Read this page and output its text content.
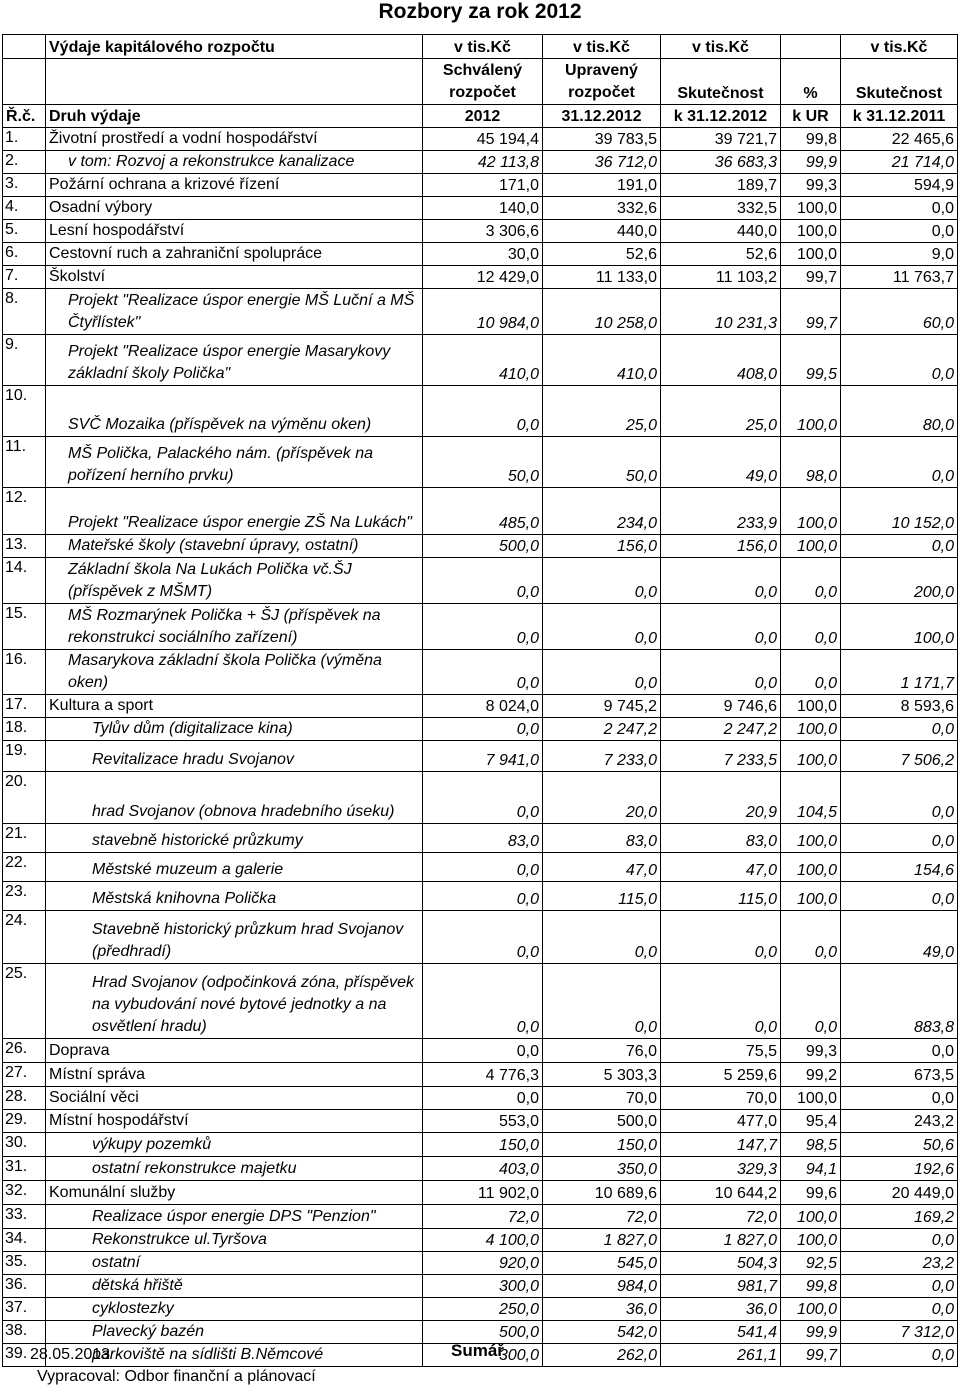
Rozbory za rok 2012
	Výdaje kapitálového rozpočtu	v tis.Kč	v tis.Kč	v tis.Kč		v tis.Kč
		Schválený rozpočet	Upravený rozpočet	Skutečnost	%	Skutečnost
Ř.č.	Druh výdaje	2012	31.12.2012	k 31.12.2012	k UR	k 31.12.2011
1.	Životní prostředí a vodní hospodářství	45 194,4	39 783,5	39 721,7	99,8	22 465,6
2.	v tom: Rozvoj a rekonstrukce kanalizace	42 113,8	36 712,0	36 683,3	99,9	21 714,0
3.	Požární ochrana a krizové řízení	171,0	191,0	189,7	99,3	594,9
4.	Osadní výbory	140,0	332,6	332,5	100,0	0,0
5.	Lesní hospodářství	3 306,6	440,0	440,0	100,0	0,0
6.	Cestovní ruch a zahraniční spolupráce	30,0	52,6	52,6	100,0	9,0
7.	Školství	12 429,0	11 133,0	11 103,2	99,7	11 763,7
8.	Projekt "Realizace úspor energie MŠ Luční a MŠ Čtyřlístek"	10 984,0	10 258,0	10 231,3	99,7	60,0
9.	Projekt "Realizace úspor energie Masarykovy základní školy Polička"	410,0	410,0	408,0	99,5	0,0
10.	SVČ Mozaika (příspěvek na výměnu oken)	0,0	25,0	25,0	100,0	80,0
11.	MŠ Polička, Palackého nám. (příspěvek na pořízení herního prvku)	50,0	50,0	49,0	98,0	0,0
12.	Projekt "Realizace úspor energie ZŠ Na Lukách"	485,0	234,0	233,9	100,0	10 152,0
13.	Mateřské školy (stavební úpravy, ostatní)	500,0	156,0	156,0	100,0	0,0
14.	Základní škola Na Lukách Polička vč.ŠJ (příspěvek z MŠMT)	0,0	0,0	0,0	0,0	200,0
15.	MŠ Rozmarýnek Polička + ŠJ (příspěvek na rekonstrukci sociálního zařízení)	0,0	0,0	0,0	0,0	100,0
16.	Masarykova základní škola Polička (výměna oken)	0,0	0,0	0,0	0,0	1 171,7
17.	Kultura a sport	8 024,0	9 745,2	9 746,6	100,0	8 593,6
18.	Tylův dům (digitalizace kina)	0,0	2 247,2	2 247,2	100,0	0,0
19.	Revitalizace hradu Svojanov	7 941,0	7 233,0	7 233,5	100,0	7 506,2
20.	hrad Svojanov (obnova hradebního úseku)	0,0	20,0	20,9	104,5	0,0
21.	stavebně historické průzkumy	83,0	83,0	83,0	100,0	0,0
22.	Městské muzeum a galerie	0,0	47,0	47,0	100,0	154,6
23.	Městská knihovna Polička	0,0	115,0	115,0	100,0	0,0
24.	Stavebně historický průzkum hrad Svojanov (předhradí)	0,0	0,0	0,0	0,0	49,0
25.	Hrad Svojanov (odpočinková zóna, příspěvek na vybudování nové bytové jednotky a na osvětlení hradu)	0,0	0,0	0,0	0,0	883,8
26.	Doprava	0,0	76,0	75,5	99,3	0,0
27.	Místní správa	4 776,3	5 303,3	5 259,6	99,2	673,5
28.	Sociální věci	0,0	70,0	70,0	100,0	0,0
29.	Místní hospodářství	553,0	500,0	477,0	95,4	243,2
30.	výkupy pozemků	150,0	150,0	147,7	98,5	50,6
31.	ostatní rekonstrukce majetku	403,0	350,0	329,3	94,1	192,6
32.	Komunální služby	11 902,0	10 689,6	10 644,2	99,6	20 449,0
33.	Realizace úspor energie DPS "Penzion"	72,0	72,0	72,0	100,0	169,2
34.	Rekonstrukce ul.Tyršova	4 100,0	1 827,0	1 827,0	100,0	0,0
35.	ostatní	920,0	545,0	504,3	92,5	23,2
36.	dětská hřiště	300,0	984,0	981,7	99,8	0,0
37.	cyklostezky	250,0	36,0	36,0	100,0	0,0
38.	Plavecký bazén	500,0	542,0	541,4	99,9	7 312,0
39.	parkoviště na sídlišti B.Němcové	300,0	262,0	261,1	99,7	0,0
28.05.2013	Sumář
Vypracoval: Odbor finanční a plánovací
